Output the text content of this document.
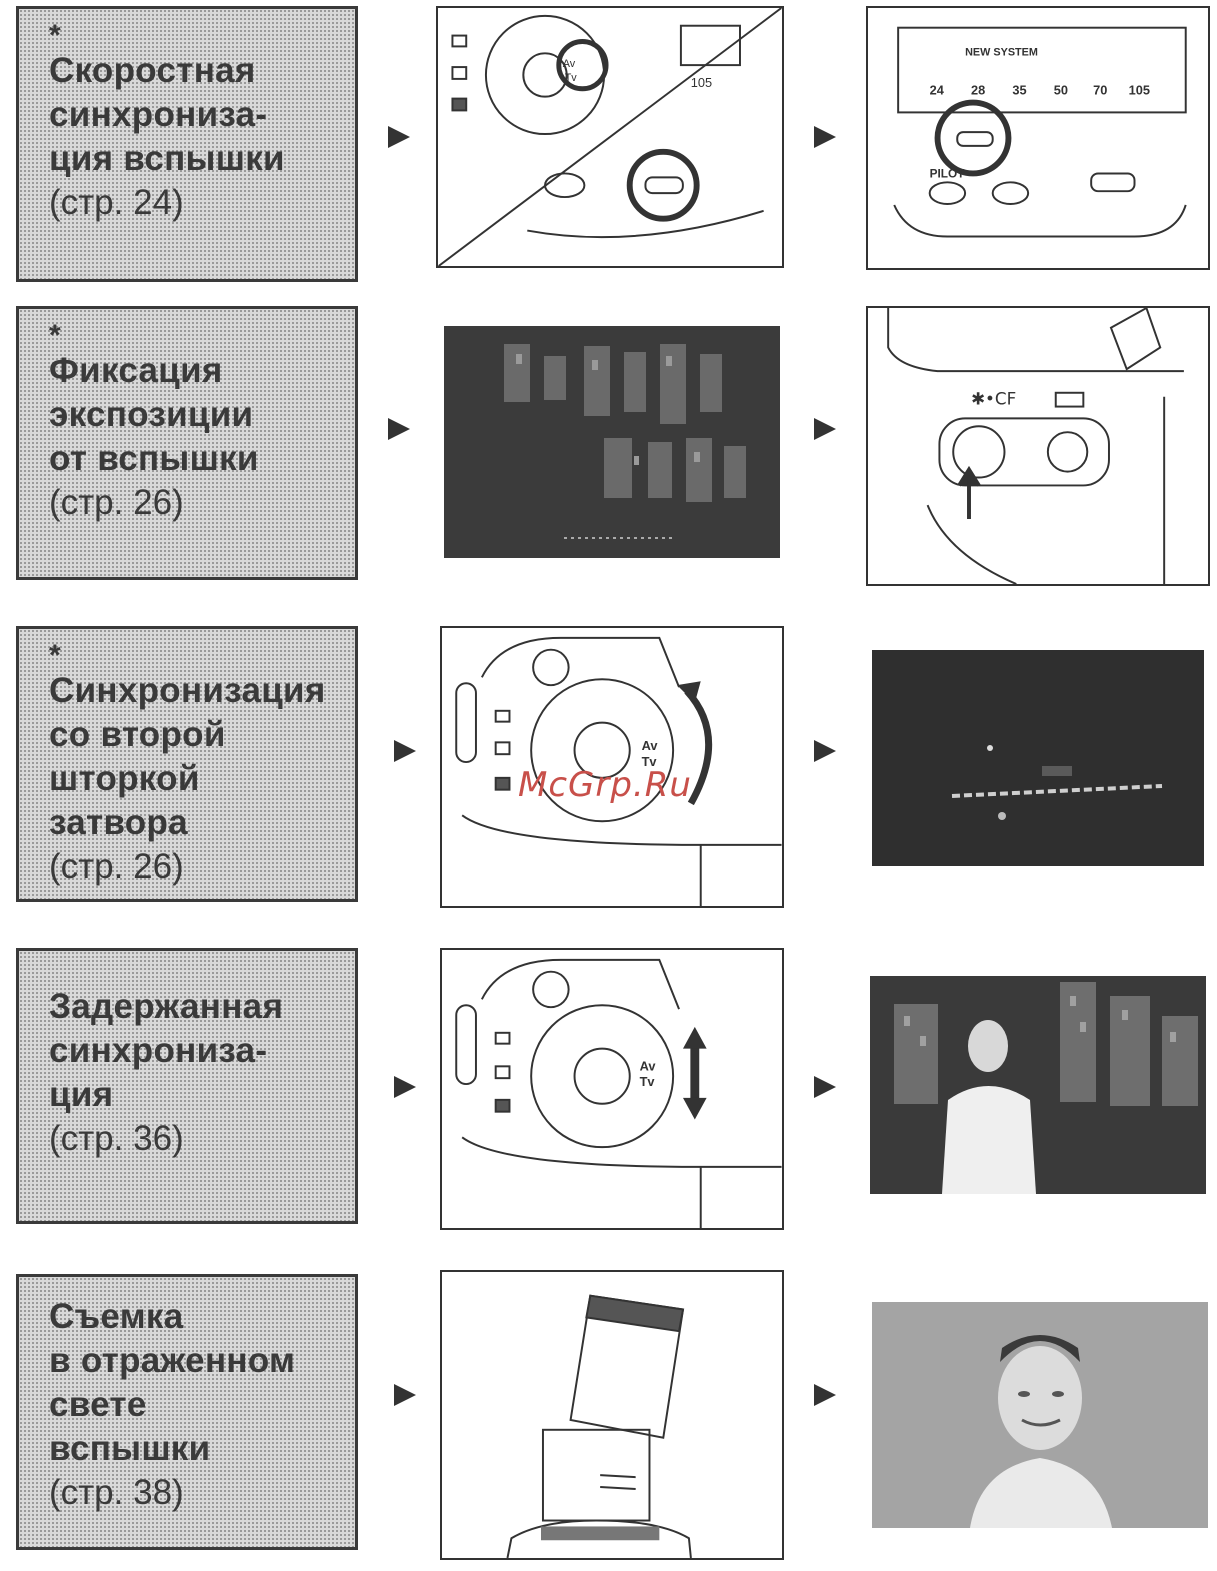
*
Скоростная
синхрониза-
ция вспышки
(стр. 24)
Av
Tv	105
NEW SYSTEM
24 28 35 50 70 105
PILOT
*
Фиксация
экспозиции
от вспышки
(стр. 26)
✱•CF
*
Синхронизация
со второй
шторкой
затвора
(стр. 26)
Av
Tv
Задержанная
синхрониза-
ция
(стр. 36)
Av
Tv
Съемка
в отраженном
свете
вспышки
(стр. 38)
McGrp.Ru
